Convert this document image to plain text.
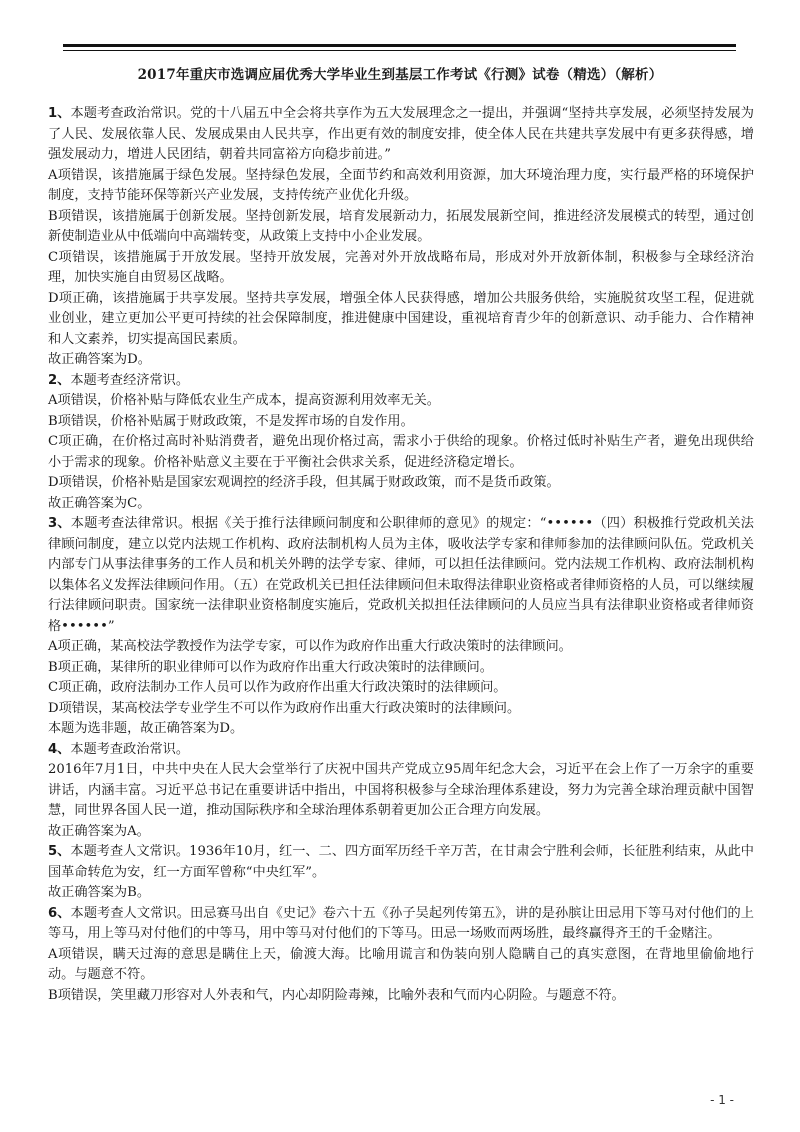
2017年重庆市选调应届优秀大学毕业生到基层工作考试《行测》试卷（精选）（解析）

1、本题考查政治常识。党的十八届五中全会将共享作为五大发展理念之一提出，并强调“坚持共享发展，必须坚持发展为了人民、发展依靠人民、发展成果由人民共享，作出更有效的制度安排，使全体人民在共建共享发展中有更多获得感，增强发展动力，增进人民团结，朝着共同富裕方向稳步前进。”

A项错误，该措施属于绿色发展。坚持绿色发展，全面节约和高效利用资源，加大环境治理力度，实行最严格的环境保护制度，支持节能环保等新兴产业发展，支持传统产业优化升级。

B项错误，该措施属于创新发展。坚持创新发展，培育发展新动力，拓展发展新空间，推进经济发展模式的转型，通过创新使制造业从中低端向中高端转变，从政策上支持中小企业发展。

C项错误，该措施属于开放发展。坚持开放发展，完善对外开放战略布局，形成对外开放新体制，积极参与全球经济治理，加快实施自由贸易区战略。

D项正确，该措施属于共享发展。坚持共享发展，增强全体人民获得感，增加公共服务供给，实施脱贫攻坚工程，促进就业创业，建立更加公平更可持续的社会保障制度，推进健康中国建设，重视培育青少年的创新意识、动手能力、合作精神和人文素养，切实提高国民素质。

故正确答案为D。

2、本题考查经济常识。

A项错误，价格补贴与降低农业生产成本，提高资源利用效率无关。

B项错误，价格补贴属于财政政策，不是发挥市场的自发作用。

C项正确，在价格过高时补贴消费者，避免出现价格过高，需求小于供给的现象。价格过低时补贴生产者，避免出现供给小于需求的现象。价格补贴意义主要在于平衡社会供求关系，促进经济稳定增长。

D项错误，价格补贴是国家宏观调控的经济手段，但其属于财政政策，而不是货币政策。

故正确答案为C。

3、本题考查法律常识。根据《关于推行法律顾问制度和公职律师的意见》的规定：“••••••（四）积极推行党政机关法律顾问制度，建立以党内法规工作机构、政府法制机构人员为主体，吸收法学专家和律师参加的法律顾问队伍。党政机关内部专门从事法律事务的工作人员和机关外聘的法学专家、律师，可以担任法律顾问。党内法规工作机构、政府法制机构以集体名义发挥法律顾问作用。（五）在党政机关已担任法律顾问但未取得法律职业资格或者律师资格的人员，可以继续履行法律顾问职责。国家统一法律职业资格制度实施后，党政机关拟担任法律顾问的人员应当具有法律职业资格或者律师资格••••••”

A项正确，某高校法学教授作为法学专家，可以作为政府作出重大行政决策时的法律顾问。

B项正确，某律所的职业律师可以作为政府作出重大行政决策时的法律顾问。

C项正确，政府法制办工作人员可以作为政府作出重大行政决策时的法律顾问。

D项错误，某高校法学专业学生不可以作为政府作出重大行政决策时的法律顾问。

本题为选非题，故正确答案为D。

4、本题考查政治常识。

2016年7月1日，中共中央在人民大会堂举行了庆祝中国共产党成立95周年纪念大会，习近平在会上作了一万余字的重要讲话，内涵丰富。习近平总书记在重要讲话中指出，中国将积极参与全球治理体系建设，努力为完善全球治理贡献中国智慧，同世界各国人民一道，推动国际秩序和全球治理体系朝着更加公正合理方向发展。

故正确答案为A。

5、本题考查人文常识。1936年10月，红一、二、四方面军历经千辛万苦，在甘肃会宁胜利会师，长征胜利结束，从此中国革命转危为安，红一方面军曾称“中央红军”。

故正确答案为B。

6、本题考查人文常识。田忌赛马出自《史记》卷六十五《孙子吴起列传第五》，讲的是孙膑让田忌用下等马对付他们的上等马，用上等马对付他们的中等马，用中等马对付他们的下等马。田忌一场败而两场胜，最终赢得齐王的千金赌注。

A项错误，瞒天过海的意思是瞒住上天，偷渡大海。比喻用谎言和伪装向别人隐瞒自己的真实意图，在背地里偷偷地行动。与题意不符。

B项错误，笑里藏刀形容对人外表和气，内心却阴险毒辣，比喻外表和气而内心阴险。与题意不符。

- 1 -
